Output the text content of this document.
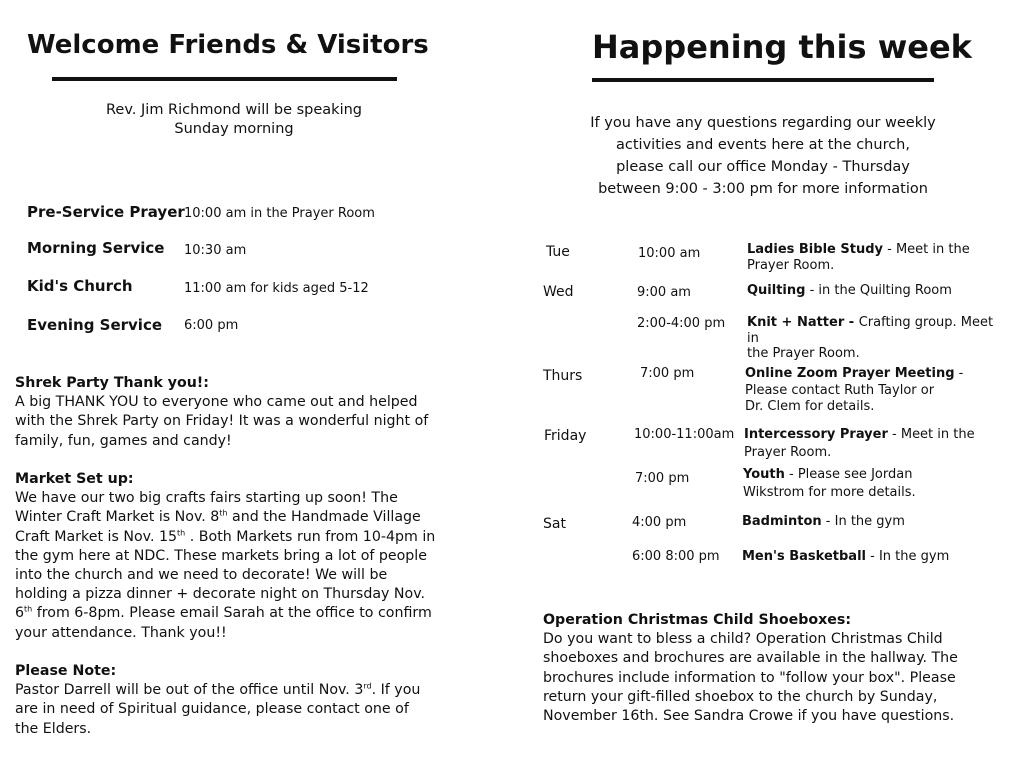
Welcome Friends & Visitors
Rev. Jim Richmond will be speaking
Sunday morning
Pre-Service Prayer 10:00 am in the Prayer Room
Morning Service 10:30 am
Kid's Church	11:00 am for kids aged 5-12
Evening Service 6:00 pm
Shrek Party Thank you!:
A big THANK YOU to everyone who came out and helped
with the Shrek Party on Friday! It was a wonderful night of
family, fun, games and candy!
Market Set up:
We have our two big crafts fairs starting up soon! The
Winter Craft Market is Nov. 8th and the Handmade Village
Craft Market is Nov. 15th . Both Markets run from 10-4pm in
the gym here at NDC. These markets bring a lot of people
into the church and we need to decorate! We will be
holding a pizza dinner + decorate night on Thursday Nov.
6th from 6-8pm. Please email Sarah at the office to confirm
your attendance. Thank you!!
Please Note:
Pastor Darrell will be out of the office until Nov. 3rd. If you
are in need of Spiritual guidance, please contact one of
the Elders.
Happening this week
If you have any questions regarding our weekly
activities and events here at the church,
please call our office Monday - Thursday
between 9:00 - 3:00 pm for more information
Tue	10:00 am	Ladies Bible Study - Meet in the
Prayer Room.
Wed	9:00 am	Quilting - in the Quilting Room
2:00-4:00 pm Knit + Natter - Crafting group. Meet in
the Prayer Room.
Thurs	7:00 pm	Online Zoom Prayer Meeting -
Please contact Ruth Taylor or
Dr. Clem for details.
Friday	10:00-11:00am Intercessory Prayer - Meet in the
Prayer Room.
7:00 pm	Youth - Please see Jordan
Wikstrom for more details.
Sat	4:00 pm	Badminton - In the gym
6:00 8:00 pm Men's Basketball - In the gym
Operation Christmas Child Shoeboxes:
Do you want to bless a child? Operation Christmas Child
shoeboxes and brochures are available in the hallway. The
brochures include information to "follow your box". Please
return your gift-filled shoebox to the church by Sunday,
November 16th. See Sandra Crowe if you have questions.
